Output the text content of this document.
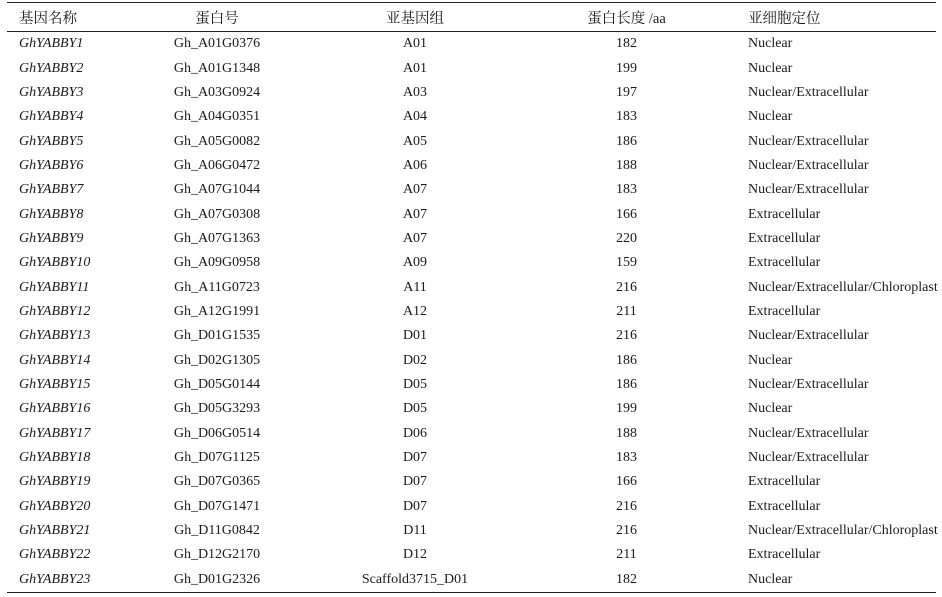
基因名称	蛋白号	亚基因组	蛋白长度 /aa	亚细胞定位
GhYABBY1	Gh_A01G0376	A01	182	Nuclear
GhYABBY2	Gh_A01G1348	A01	199	Nuclear
GhYABBY3	Gh_A03G0924	A03	197	Nuclear/Extracellular
GhYABBY4	Gh_A04G0351	A04	183	Nuclear
GhYABBY5	Gh_A05G0082	A05	186	Nuclear/Extracellular
GhYABBY6	Gh_A06G0472	A06	188	Nuclear/Extracellular
GhYABBY7	Gh_A07G1044	A07	183	Nuclear/Extracellular
GhYABBY8	Gh_A07G0308	A07	166	Extracellular
GhYABBY9	Gh_A07G1363	A07	220	Extracellular
GhYABBY10	Gh_A09G0958	A09	159	Extracellular
GhYABBY11	Gh_A11G0723	A11	216	Nuclear/Extracellular/Chloroplast
GhYABBY12	Gh_A12G1991	A12	211	Extracellular
GhYABBY13	Gh_D01G1535	D01	216	Nuclear/Extracellular
GhYABBY14	Gh_D02G1305	D02	186	Nuclear
GhYABBY15	Gh_D05G0144	D05	186	Nuclear/Extracellular
GhYABBY16	Gh_D05G3293	D05	199	Nuclear
GhYABBY17	Gh_D06G0514	D06	188	Nuclear/Extracellular
GhYABBY18	Gh_D07G1125	D07	183	Nuclear/Extracellular
GhYABBY19	Gh_D07G0365	D07	166	Extracellular
GhYABBY20	Gh_D07G1471	D07	216	Extracellular
GhYABBY21	Gh_D11G0842	D11	216	Nuclear/Extracellular/Chloroplast
GhYABBY22	Gh_D12G2170	D12	211	Extracellular
GhYABBY23	Gh_D01G2326	Scaffold3715_D01	182	Nuclear
